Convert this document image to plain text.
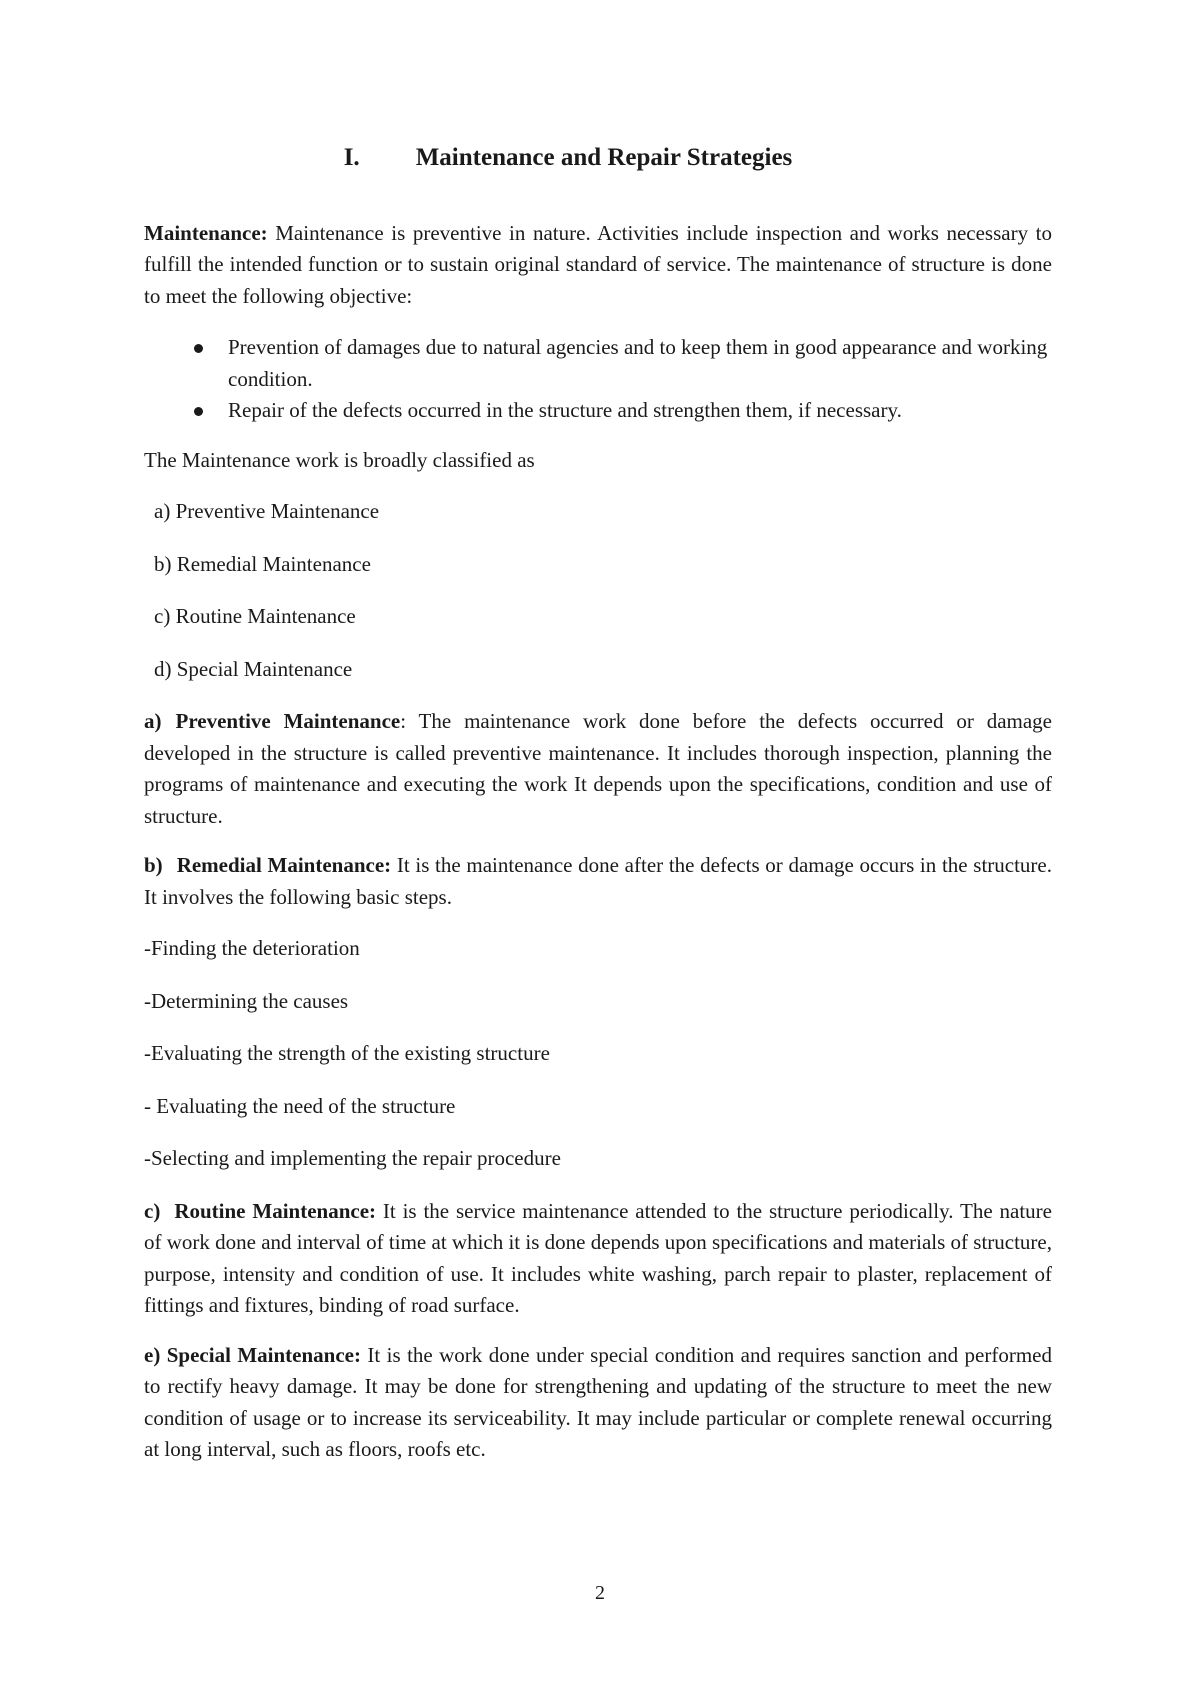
I.	Maintenance and Repair Strategies

Maintenance: Maintenance is preventive in nature. Activities include inspection and works necessary to fulfill the intended function or to sustain original standard of service. The maintenance of structure is done to meet the following objective:

Prevention of damages due to natural agencies and to keep them in good appearance and working condition.
Repair of the defects occurred in the structure and strengthen them, if necessary.

The Maintenance work is broadly classified as

a) Preventive Maintenance

b) Remedial Maintenance

c) Routine Maintenance

d) Special Maintenance

a) Preventive Maintenance: The maintenance work done before the defects occurred or damage developed in the structure is called preventive maintenance. It includes thorough inspection, planning the programs of maintenance and executing the work It depends upon the specifications, condition and use of structure.

b) Remedial Maintenance: It is the maintenance done after the defects or damage occurs in the structure. It involves the following basic steps.

-Finding the deterioration

-Determining the causes

-Evaluating the strength of the existing structure

- Evaluating the need of the structure

-Selecting and implementing the repair procedure

c) Routine Maintenance: It is the service maintenance attended to the structure periodically. The nature of work done and interval of time at which it is done depends upon specifications and materials of structure, purpose, intensity and condition of use. It includes white washing, parch repair to plaster, replacement of fittings and fixtures, binding of road surface.

e) Special Maintenance: It is the work done under special condition and requires sanction and performed to rectify heavy damage. It may be done for strengthening and updating of the structure to meet the new condition of usage or to increase its serviceability. It may include particular or complete renewal occurring at long interval, such as floors, roofs etc.

2
